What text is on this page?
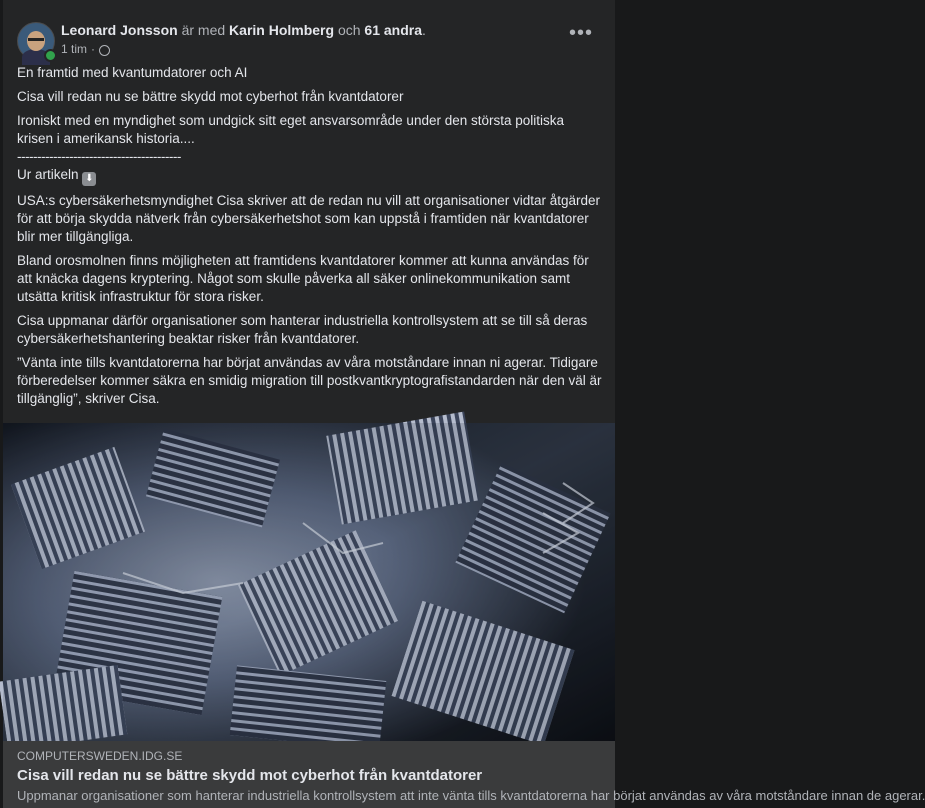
Leonard Jonsson är med Karin Holmberg och 61 andra.
1 tim ·
•••

En framtid med kvantumdatorer och AI

Cisa vill redan nu se bättre skydd mot cyberhot från kvantdatorer

Ironiskt med en myndighet som undgick sitt eget ansvarsområde under den största politiska krisen i amerikansk historia....

-----------------------------------------

Ur artikeln ⬇

USA:s cybersäkerhetsmyndighet Cisa skriver att de redan nu vill att organisationer vidtar åtgärder för att börja skydda nätverk från cybersäkerhetshot som kan uppstå i framtiden när kvantdatorer blir mer tillgängliga.

Bland orosmolnen finns möjligheten att framtidens kvantdatorer kommer att kunna användas för att knäcka dagens kryptering. Något som skulle påverka all säker onlinekommunikation samt utsätta kritisk infrastruktur för stora risker.

Cisa uppmanar därför organisationer som hanterar industriella kontrollsystem att se till så deras cybersäkerhetshantering beaktar risker från kvantdatorer.

”Vänta inte tills kvantdatorerna har börjat användas av våra motståndare innan ni agerar. Tidigare förberedelser kommer säkra en smidig migration till postkvantkryptografistandarden när den väl är tillgänglig”, skriver Cisa.

COMPUTERSWEDEN.IDG.SE
Cisa vill redan nu se bättre skydd mot cyberhot från kvantdatorer
Uppmanar organisationer som hanterar industriella kontrollsystem att inte vänta tills kvantdatorerna har börjat användas av våra motståndare innan de agerar.
